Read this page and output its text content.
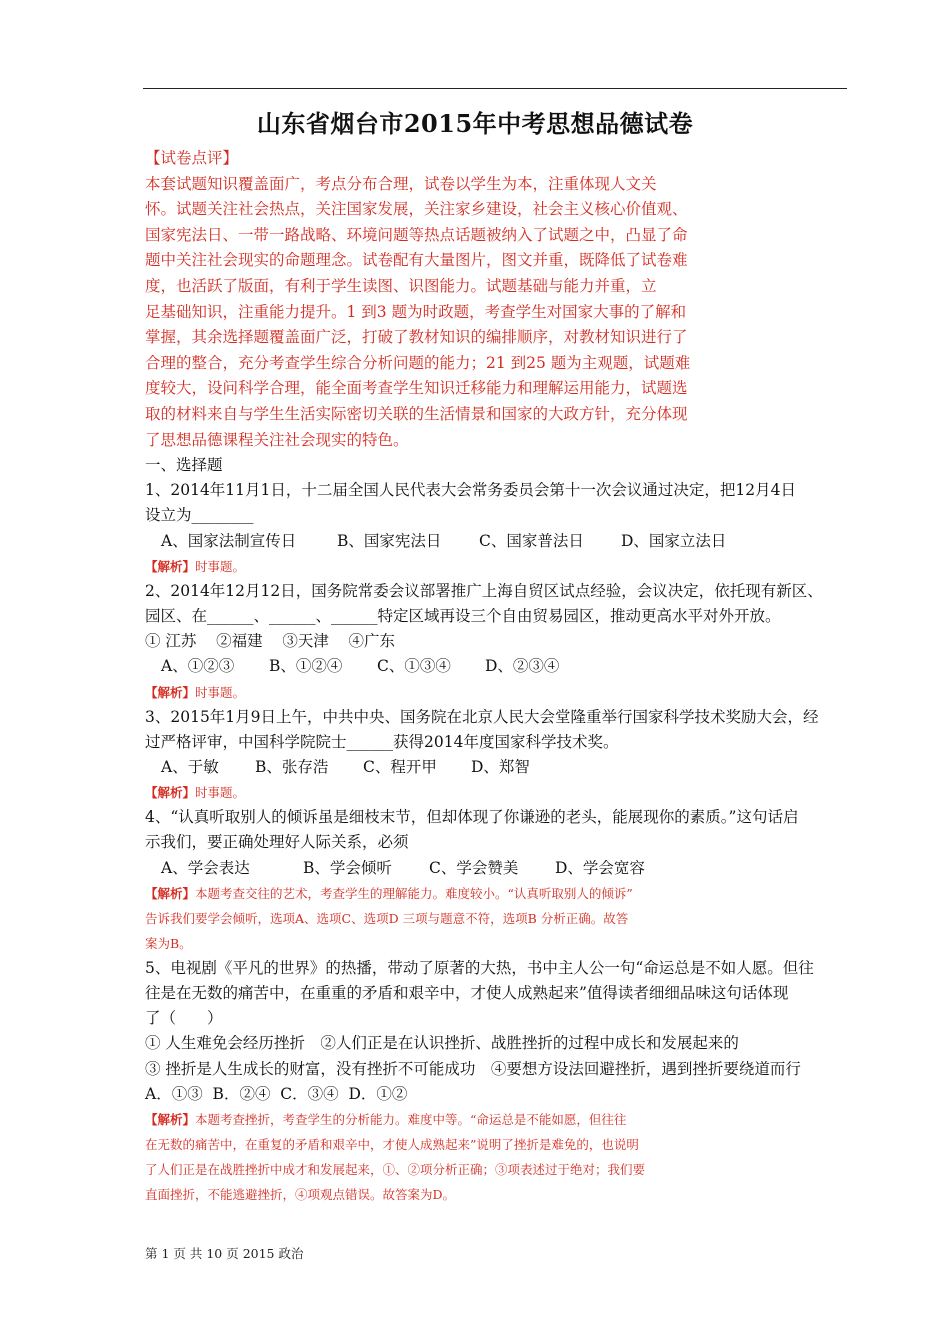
山东省烟台市2015年中考思想品德试卷
【试卷点评】
本套试题知识覆盖面广，考点分布合理，试卷以学生为本，注重体现人文关
怀。试题关注社会热点，关注国家发展，关注家乡建设，社会主义核心价值观、
国家宪法日、一带一路战略、环境问题等热点话题被纳入了试题之中，凸显了命
题中关注社会现实的命题理念。试卷配有大量图片，图文并重，既降低了试卷难
度，也活跃了版面，有利于学生读图、识图能力。试题基础与能力并重，立
足基础知识，注重能力提升。1 到3 题为时政题，考查学生对国家大事的了解和
掌握，其余选择题覆盖面广泛，打破了教材知识的编排顺序，对教材知识进行了
合理的整合，充分考查学生综合分析问题的能力；21 到25 题为主观题，试题难
度较大，设问科学合理，能全面考查学生知识迁移能力和理解运用能力，试题选
取的材料来自与学生生活实际密切关联的生活情景和国家的大政方针，充分体现
了思想品德课程关注社会现实的特色。
一、选择题
1、2014年11月1日，十二届全国人民代表大会常务委员会第十一次会议通过决定，把12月4日
设立为________
A、国家法制宣传日	B、国家宪法日 C、国家普法日 D、国家立法日
【解析】时事题。
2、2014年12月12日，国务院常委会议部署推广上海自贸区试点经验，会议决定，依托现有新区、
园区、在______、______、______特定区域再设三个自由贸易园区，推动更高水平对外开放。
① 江苏    ②福建    ③天津    ④广东
A、①②③ B、①②④ C、①③④ D、②③④
【解析】时事题。
3、2015年1月9日上午，中共中央、国务院在北京人民大会堂隆重举行国家科学技术奖励大会，经
过严格评审，中国科学院院士______获得2014年度国家科学技术奖。
A、于敏 B、张存浩 C、程开甲 D、郑智
【解析】时事题。
4、“认真听取别人的倾诉虽是细枝末节，但却体现了你谦逊的老头，能展现你的素质。”这句话启
示我们，要正确处理好人际关系，必须
A、学会表达	B、学会倾听 C、学会赞美 D、学会宽容
【解析】本题考查交往的艺术，考查学生的理解能力。难度较小。“认真听取别人的倾诉”
告诉我们要学会倾听，选项A、选项C、选项D 三项与题意不符，选项B 分析正确。故答
案为B。
5、电视剧《平凡的世界》的热播，带动了原著的大热，书中主人公一句“命运总是不如人愿。但往
往是在无数的痛苦中，在重重的矛盾和艰辛中，才使人成熟起来”值得读者细细品味这句话体现
了（　　）
① 人生难免会经历挫折　②人们正是在认识挫折、战胜挫折的过程中成长和发展起来的
③ 挫折是人生成长的财富，没有挫折不可能成功　④要想方设法回避挫折，遇到挫折要绕道而行
A．①③  B．②④  C．③④  D．①②
【解析】本题考查挫折，考查学生的分析能力。难度中等。“命运总是不能如愿，但往往
在无数的痛苦中，在重复的矛盾和艰辛中，才使人成熟起来”说明了挫折是难免的，也说明
了人们正是在战胜挫折中成才和发展起来，①、②项分析正确；③项表述过于绝对；我们要
直面挫折，不能逃避挫折，④项观点错误。故答案为D。
第 1 页 共 10 页 2015 政治
